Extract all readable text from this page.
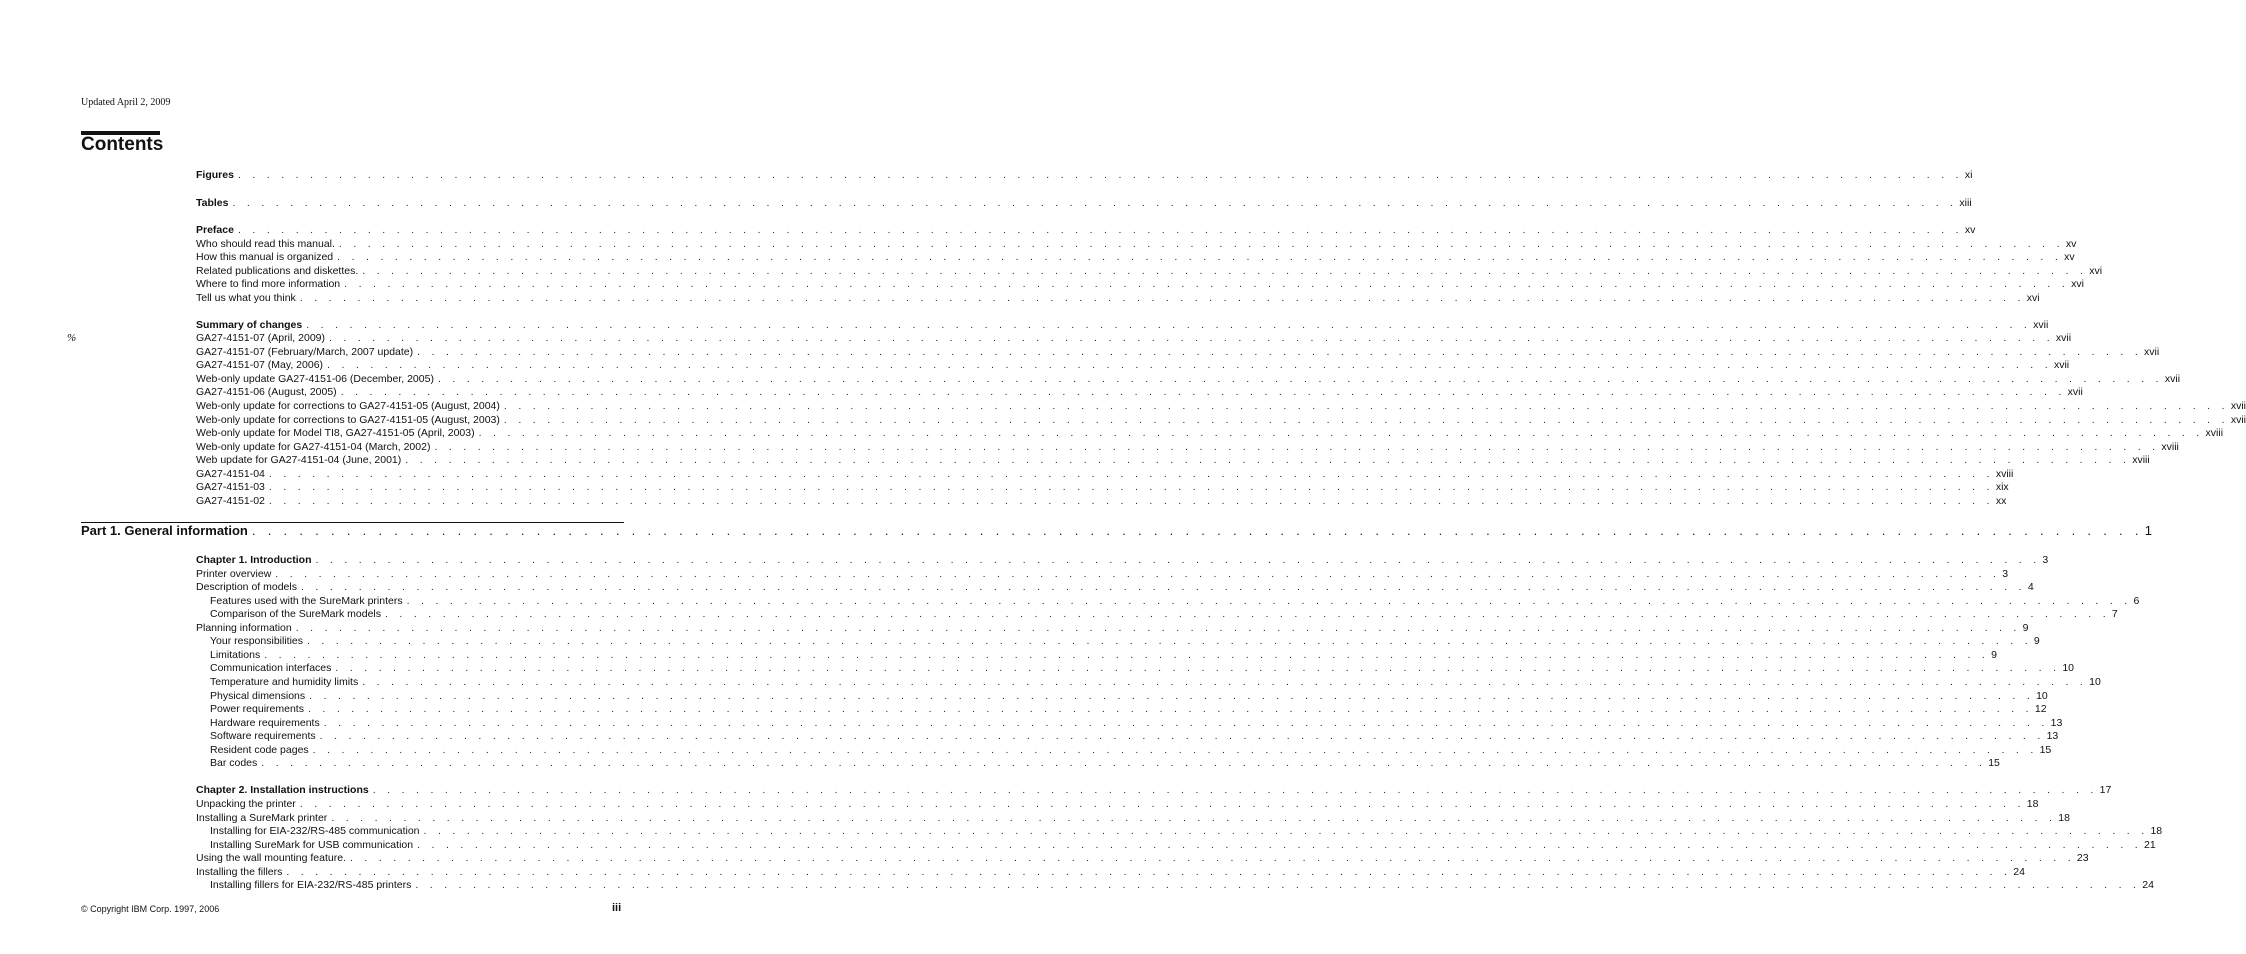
Updated April 2, 2009
Contents
%
Figures . . . . . . . . . . . . . . . . . . . . . . . . . . . . . . . . . . . . . . . . . . . . . . . . . . . . . . . . . . . . . . . . . . . . . . . . . . . . . . . . . . . . . . . . . . . . . . . . . . . . . . . . . . . . . . . . . . . . . . . . xi
Tables . . . . . . . . . . . . . . . . . . . . . . . . . . . . . . . . . . . . . . . . . . . . . . . . . . . . . . . . . . . . . . . . . . . . . . . . . . . . . . . . . . . . . . . . . . . . . . . . . . . . . . . . . . . . . . . . . . . . . . . . xiii
Preface . . . . . . . . . . . . . . . . . . . . . . . . . . . . . . . . . . . . . . . . . . . . . . . . . . . . . . . . . . . . . . . . . . . . . . . . . . . . . . . . . . . . . . . . . . . . . . . . . . . . . . . . . . . . . . . . . . . . . . . . xv
Who should read this manual. . . . . . . . . . . . . . . . . . . . . . . . . . . . . . . . . . . . . . . . . . . . . . . . . . . . . . . . . . . . . . . . . . . . . . . . . . . . . . . . . . . . . . . . . . . . . . . . . . . . . . . . . . . . . . . . . . . . . . . . . xv
How this manual is organized . . . . . . . . . . . . . . . . . . . . . . . . . . . . . . . . . . . . . . . . . . . . . . . . . . . . . . . . . . . . . . . . . . . . . . . . . . . . . . . . . . . . . . . . . . . . . . . . . . . . . . . . . . . . . . . . . . . . . . . . xv
Related publications and diskettes. . . . . . . . . . . . . . . . . . . . . . . . . . . . . . . . . . . . . . . . . . . . . . . . . . . . . . . . . . . . . . . . . . . . . . . . . . . . . . . . . . . . . . . . . . . . . . . . . . . . . . . . . . . . . . . . . . . . . . . . . xvi
Where to find more information . . . . . . . . . . . . . . . . . . . . . . . . . . . . . . . . . . . . . . . . . . . . . . . . . . . . . . . . . . . . . . . . . . . . . . . . . . . . . . . . . . . . . . . . . . . . . . . . . . . . . . . . . . . . . . . . . . . . . . . . xvi
Tell us what you think . . . . . . . . . . . . . . . . . . . . . . . . . . . . . . . . . . . . . . . . . . . . . . . . . . . . . . . . . . . . . . . . . . . . . . . . . . . . . . . . . . . . . . . . . . . . . . . . . . . . . . . . . . . . . . . . . . . . . . . . xvi
Summary of changes . . . . . . . . . . . . . . . . . . . . . . . . . . . . . . . . . . . . . . . . . . . . . . . . . . . . . . . . . . . . . . . . . . . . . . . . . . . . . . . . . . . . . . . . . . . . . . . . . . . . . . . . . . . . . . . . . . . . . . . . xvii
GA27-4151-07 (April, 2009) . . . . . . . . . . . . . . . . . . . . . . . . . . . . . . . . . . . . . . . . . . . . . . . . . . . . . . . . . . . . . . . . . . . . . . . . . . . . . . . . . . . . . . . . . . . . . . . . . . . . . . . . . . . . . . . . . . . . . . . . xvii
GA27-4151-07 (February/March, 2007 update) . . . . . . . . . . . . . . . . . . . . . . . . . . . . . . . . . . . . . . . . . . . . . . . . . . . . . . . . . . . . . . . . . . . . . . . . . . . . . . . . . . . . . . . . . . . . . . . . . . . . . . . . . . . . . . . . . . . . . . . . xvii
GA27-4151-07 (May, 2006) . . . . . . . . . . . . . . . . . . . . . . . . . . . . . . . . . . . . . . . . . . . . . . . . . . . . . . . . . . . . . . . . . . . . . . . . . . . . . . . . . . . . . . . . . . . . . . . . . . . . . . . . . . . . . . . . . . . . . . . . xvii
Web-only update GA27-4151-06 (December, 2005) . . . . . . . . . . . . . . . . . . . . . . . . . . . . . . . . . . . . . . . . . . . . . . . . . . . . . . . . . . . . . . . . . . . . . . . . . . . . . . . . . . . . . . . . . . . . . . . . . . . . . . . . . . . . . . . . . . . . . . . . xvii
GA27-4151-06 (August, 2005) . . . . . . . . . . . . . . . . . . . . . . . . . . . . . . . . . . . . . . . . . . . . . . . . . . . . . . . . . . . . . . . . . . . . . . . . . . . . . . . . . . . . . . . . . . . . . . . . . . . . . . . . . . . . . . . . . . . . . . . . xvii
Web-only update for corrections to GA27-4151-05 (August, 2004) . . . . . . . . . . . . . . . . . . . . . . . . . . . . . . . . . . . . . . . . . . . . . . . . . . . . . . . . . . . . . . . . . . . . . . . . . . . . . . . . . . . . . . . . . . . . . . . . . . . . . . . . . . . . . . . . . . . . . . . . xvii
Web-only update for corrections to GA27-4151-05 (August, 2003) . . . . . . . . . . . . . . . . . . . . . . . . . . . . . . . . . . . . . . . . . . . . . . . . . . . . . . . . . . . . . . . . . . . . . . . . . . . . . . . . . . . . . . . . . . . . . . . . . . . . . . . . . . . . . . . . . . . . . . . . xvii
Web-only update for Model TI8, GA27-4151-05 (April, 2003) . . . . . . . . . . . . . . . . . . . . . . . . . . . . . . . . . . . . . . . . . . . . . . . . . . . . . . . . . . . . . . . . . . . . . . . . . . . . . . . . . . . . . . . . . . . . . . . . . . . . . . . . . . . . . . . . . . . . . . . . xviii
Web-only update for GA27-4151-04 (March, 2002) . . . . . . . . . . . . . . . . . . . . . . . . . . . . . . . . . . . . . . . . . . . . . . . . . . . . . . . . . . . . . . . . . . . . . . . . . . . . . . . . . . . . . . . . . . . . . . . . . . . . . . . . . . . . . . . . . . . . . . . . xviii
Web update for GA27-4151-04 (June, 2001) . . . . . . . . . . . . . . . . . . . . . . . . . . . . . . . . . . . . . . . . . . . . . . . . . . . . . . . . . . . . . . . . . . . . . . . . . . . . . . . . . . . . . . . . . . . . . . . . . . . . . . . . . . . . . . . . . . . . . . . . xviii
GA27-4151-04 . . . . . . . . . . . . . . . . . . . . . . . . . . . . . . . . . . . . . . . . . . . . . . . . . . . . . . . . . . . . . . . . . . . . . . . . . . . . . . . . . . . . . . . . . . . . . . . . . . . . . . . . . . . . . . . . . . . . . . . . xviii
GA27-4151-03 . . . . . . . . . . . . . . . . . . . . . . . . . . . . . . . . . . . . . . . . . . . . . . . . . . . . . . . . . . . . . . . . . . . . . . . . . . . . . . . . . . . . . . . . . . . . . . . . . . . . . . . . . . . . . . . . . . . . . . . . xix
GA27-4151-02 . . . . . . . . . . . . . . . . . . . . . . . . . . . . . . . . . . . . . . . . . . . . . . . . . . . . . . . . . . . . . . . . . . . . . . . . . . . . . . . . . . . . . . . . . . . . . . . . . . . . . . . . . . . . . . . . . . . . . . . . xx
Part 1. General information . . . . . . . . . . . . . . . . . . . . . . . . . . . . . . . . . . . . . . . . . . . . . . . . . . . . . . . . . . . . . . . . . . . . . . . . . . . . . . . . . . . . . . . . . . . . . . . . . . . . . . . . . . . . . . . . . . . . . . . . 1
Chapter 1. Introduction . . . . . . . . . . . . . . . . . . . . . . . . . . . . . . . . . . . . . . . . . . . . . . . . . . . . . . . . . . . . . . . . . . . . . . . . . . . . . . . . . . . . . . . . . . . . . . . . . . . . . . . . . . . . . . . . . . . . . . . . 3
Printer overview . . . . . . . . . . . . . . . . . . . . . . . . . . . . . . . . . . . . . . . . . . . . . . . . . . . . . . . . . . . . . . . . . . . . . . . . . . . . . . . . . . . . . . . . . . . . . . . . . . . . . . . . . . . . . . . . . . . . . . . . 3
Description of models . . . . . . . . . . . . . . . . . . . . . . . . . . . . . . . . . . . . . . . . . . . . . . . . . . . . . . . . . . . . . . . . . . . . . . . . . . . . . . . . . . . . . . . . . . . . . . . . . . . . . . . . . . . . . . . . . . . . . . . . 4
Features used with the SureMark printers . . . . . . . . . . . . . . . . . . . . . . . . . . . . . . . . . . . . . . . . . . . . . . . . . . . . . . . . . . . . . . . . . . . . . . . . . . . . . . . . . . . . . . . . . . . . . . . . . . . . . . . . . . . . . . . . . . . . . . . . 6
Comparison of the SureMark models . . . . . . . . . . . . . . . . . . . . . . . . . . . . . . . . . . . . . . . . . . . . . . . . . . . . . . . . . . . . . . . . . . . . . . . . . . . . . . . . . . . . . . . . . . . . . . . . . . . . . . . . . . . . . . . . . . . . . . . . 7
Planning information . . . . . . . . . . . . . . . . . . . . . . . . . . . . . . . . . . . . . . . . . . . . . . . . . . . . . . . . . . . . . . . . . . . . . . . . . . . . . . . . . . . . . . . . . . . . . . . . . . . . . . . . . . . . . . . . . . . . . . . . 9
Your responsibilities . . . . . . . . . . . . . . . . . . . . . . . . . . . . . . . . . . . . . . . . . . . . . . . . . . . . . . . . . . . . . . . . . . . . . . . . . . . . . . . . . . . . . . . . . . . . . . . . . . . . . . . . . . . . . . . . . . . . . . . . 9
Limitations . . . . . . . . . . . . . . . . . . . . . . . . . . . . . . . . . . . . . . . . . . . . . . . . . . . . . . . . . . . . . . . . . . . . . . . . . . . . . . . . . . . . . . . . . . . . . . . . . . . . . . . . . . . . . . . . . . . . . . . . 9
Communication interfaces . . . . . . . . . . . . . . . . . . . . . . . . . . . . . . . . . . . . . . . . . . . . . . . . . . . . . . . . . . . . . . . . . . . . . . . . . . . . . . . . . . . . . . . . . . . . . . . . . . . . . . . . . . . . . . . . . . . . . . . . 10
Temperature and humidity limits . . . . . . . . . . . . . . . . . . . . . . . . . . . . . . . . . . . . . . . . . . . . . . . . . . . . . . . . . . . . . . . . . . . . . . . . . . . . . . . . . . . . . . . . . . . . . . . . . . . . . . . . . . . . . . . . . . . . . . . . 10
Physical dimensions . . . . . . . . . . . . . . . . . . . . . . . . . . . . . . . . . . . . . . . . . . . . . . . . . . . . . . . . . . . . . . . . . . . . . . . . . . . . . . . . . . . . . . . . . . . . . . . . . . . . . . . . . . . . . . . . . . . . . . . . 10
Power requirements . . . . . . . . . . . . . . . . . . . . . . . . . . . . . . . . . . . . . . . . . . . . . . . . . . . . . . . . . . . . . . . . . . . . . . . . . . . . . . . . . . . . . . . . . . . . . . . . . . . . . . . . . . . . . . . . . . . . . . . . 12
Hardware requirements . . . . . . . . . . . . . . . . . . . . . . . . . . . . . . . . . . . . . . . . . . . . . . . . . . . . . . . . . . . . . . . . . . . . . . . . . . . . . . . . . . . . . . . . . . . . . . . . . . . . . . . . . . . . . . . . . . . . . . . . 13
Software requirements . . . . . . . . . . . . . . . . . . . . . . . . . . . . . . . . . . . . . . . . . . . . . . . . . . . . . . . . . . . . . . . . . . . . . . . . . . . . . . . . . . . . . . . . . . . . . . . . . . . . . . . . . . . . . . . . . . . . . . . . 13
Resident code pages . . . . . . . . . . . . . . . . . . . . . . . . . . . . . . . . . . . . . . . . . . . . . . . . . . . . . . . . . . . . . . . . . . . . . . . . . . . . . . . . . . . . . . . . . . . . . . . . . . . . . . . . . . . . . . . . . . . . . . . . 15
Bar codes . . . . . . . . . . . . . . . . . . . . . . . . . . . . . . . . . . . . . . . . . . . . . . . . . . . . . . . . . . . . . . . . . . . . . . . . . . . . . . . . . . . . . . . . . . . . . . . . . . . . . . . . . . . . . . . . . . . . . . . . 15
Chapter 2. Installation instructions . . . . . . . . . . . . . . . . . . . . . . . . . . . . . . . . . . . . . . . . . . . . . . . . . . . . . . . . . . . . . . . . . . . . . . . . . . . . . . . . . . . . . . . . . . . . . . . . . . . . . . . . . . . . . . . . . . . . . . . . 17
Unpacking the printer . . . . . . . . . . . . . . . . . . . . . . . . . . . . . . . . . . . . . . . . . . . . . . . . . . . . . . . . . . . . . . . . . . . . . . . . . . . . . . . . . . . . . . . . . . . . . . . . . . . . . . . . . . . . . . . . . . . . . . . . 18
Installing a SureMark printer . . . . . . . . . . . . . . . . . . . . . . . . . . . . . . . . . . . . . . . . . . . . . . . . . . . . . . . . . . . . . . . . . . . . . . . . . . . . . . . . . . . . . . . . . . . . . . . . . . . . . . . . . . . . . . . . . . . . . . . . 18
Installing for EIA-232/RS-485 communication . . . . . . . . . . . . . . . . . . . . . . . . . . . . . . . . . . . . . . . . . . . . . . . . . . . . . . . . . . . . . . . . . . . . . . . . . . . . . . . . . . . . . . . . . . . . . . . . . . . . . . . . . . . . . . . . . . . . . . . . 18
Installing SureMark for USB communication . . . . . . . . . . . . . . . . . . . . . . . . . . . . . . . . . . . . . . . . . . . . . . . . . . . . . . . . . . . . . . . . . . . . . . . . . . . . . . . . . . . . . . . . . . . . . . . . . . . . . . . . . . . . . . . . . . . . . . . . 21
Using the wall mounting feature. . . . . . . . . . . . . . . . . . . . . . . . . . . . . . . . . . . . . . . . . . . . . . . . . . . . . . . . . . . . . . . . . . . . . . . . . . . . . . . . . . . . . . . . . . . . . . . . . . . . . . . . . . . . . . . . . . . . . . . . . 23
Installing the fillers . . . . . . . . . . . . . . . . . . . . . . . . . . . . . . . . . . . . . . . . . . . . . . . . . . . . . . . . . . . . . . . . . . . . . . . . . . . . . . . . . . . . . . . . . . . . . . . . . . . . . . . . . . . . . . . . . . . . . . . . 24
Installing fillers for EIA-232/RS-485 printers . . . . . . . . . . . . . . . . . . . . . . . . . . . . . . . . . . . . . . . . . . . . . . . . . . . . . . . . . . . . . . . . . . . . . . . . . . . . . . . . . . . . . . . . . . . . . . . . . . . . . . . . . . . . . . . . . . . . . . . . 24
© Copyright IBM Corp. 1997, 2006	iii
